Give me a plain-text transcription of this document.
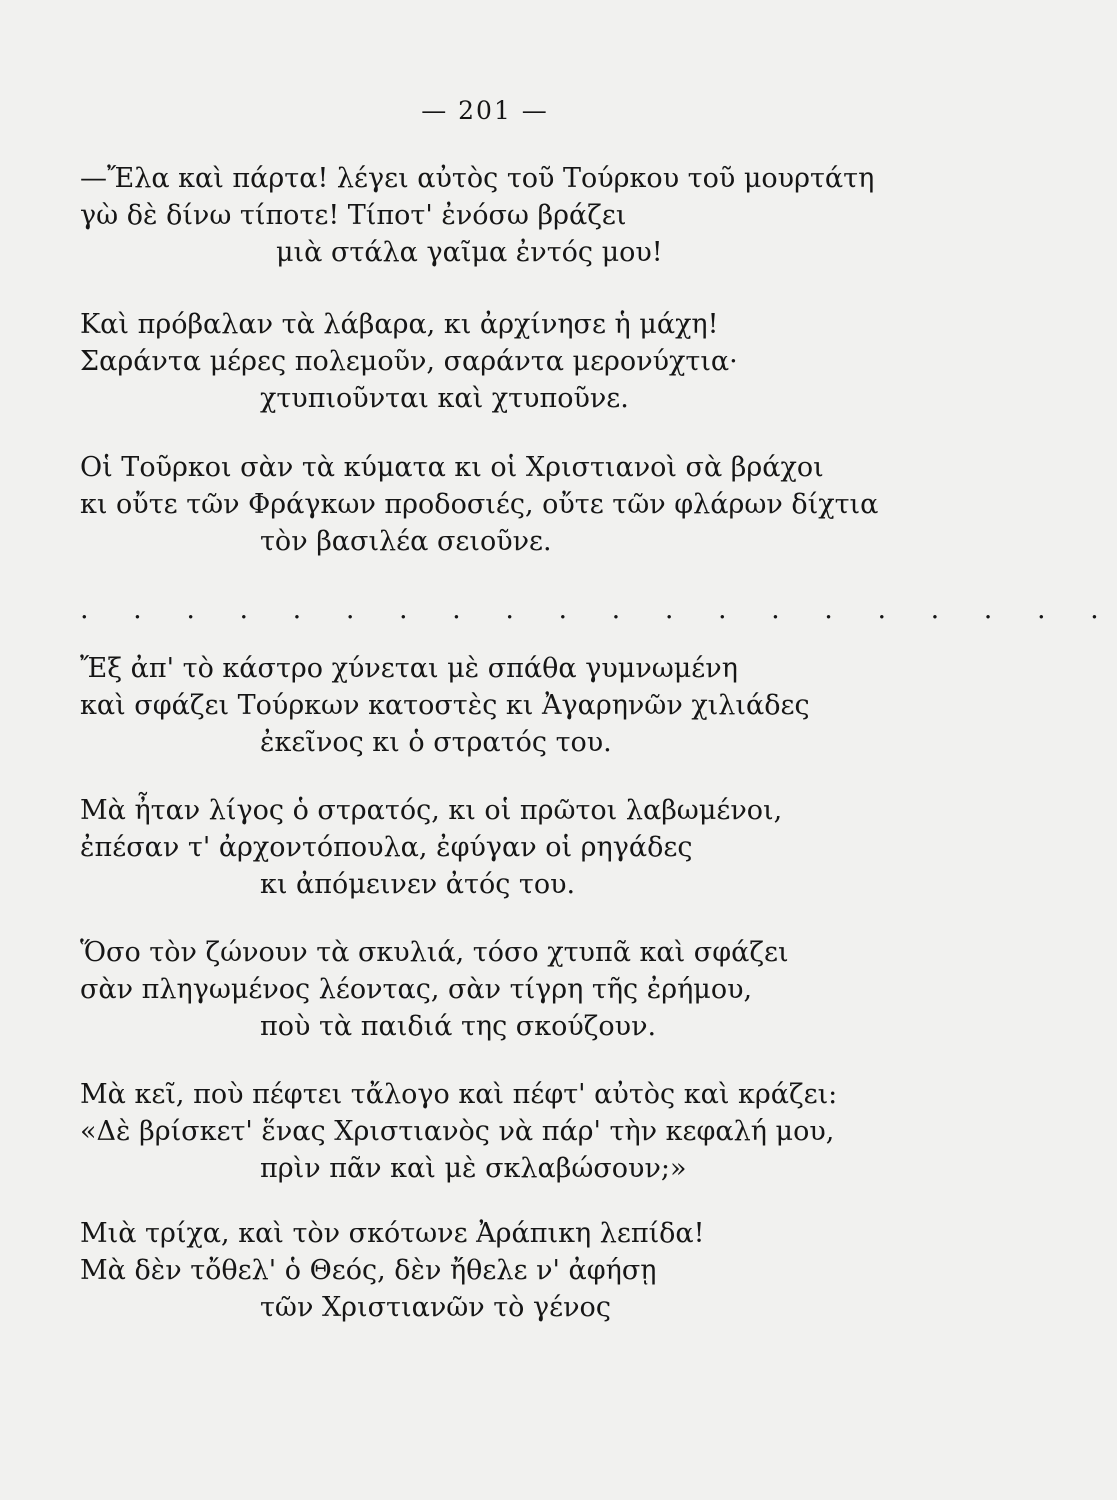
— 201 —
—Ἔλα καὶ πάρτα! λέγει αὐτὸς τοῦ Τούρκου τοῦ μουρτάτη
γὼ δὲ δίνω τίποτε! Τίποτ' ἐνόσω βράζει
μιὰ στάλα γαῖμα ἐντός μου!
Καὶ πρόβαλαν τὰ λάβαρα, κι ἀρχίνησε ἡ μάχη!
Σαράντα μέρες πολεμοῦν, σαράντα μερονύχτια·
χτυπιοῦνται καὶ χτυποῦνε.
Οἱ Τοῦρκοι σὰν τὰ κύματα κι οἱ Χριστιανοὶ σὰ βράχοι
κι οὔτε τῶν Φράγκων προδοσιές, οὔτε τῶν φλάρων δίχτια
τὸν βασιλέα σειοῦνε.
. . . . . . . . . . . . . . . . . . . .
Ἔξ ἀπ' τὸ κάστρο χύνεται μὲ σπάθα γυμνωμένη
καὶ σφάζει Τούρκων κατοστὲς κι Ἀγαρηνῶν χιλιάδες
ἐκεῖνος κι ὁ στρατός του.
Μὰ ἦταν λίγος ὁ στρατός, κι οἱ πρῶτοι λαβωμένοι,
ἐπέσαν τ' ἀρχοντόπουλα, ἐφύγαν οἱ ρηγάδες
κι ἀπόμεινεν ἀτός του.
Ὅσο τὸν ζώνουν τὰ σκυλιά, τόσο χτυπᾶ καὶ σφάζει
σὰν πληγωμένος λέοντας, σὰν τίγρη τῆς ἐρήμου,
ποὺ τὰ παιδιά της σκούζουν.
Μὰ κεῖ, ποὺ πέφτει τἄλογο καὶ πέφτ' αὐτὸς καὶ κράζει:
«Δὲ βρίσκετ' ἕνας Χριστιανὸς νὰ πάρ' τὴν κεφαλή μου,
πρὶν πᾶν καὶ μὲ σκλαβώσουν;»
Μιὰ τρίχα, καὶ τὸν σκότωνε Ἀράπικη λεπίδα!
Μὰ δὲν τὄθελ' ὁ Θεός, δὲν ἤθελε ν' ἀφήσῃ
τῶν Χριστιανῶν τὸ γένος
